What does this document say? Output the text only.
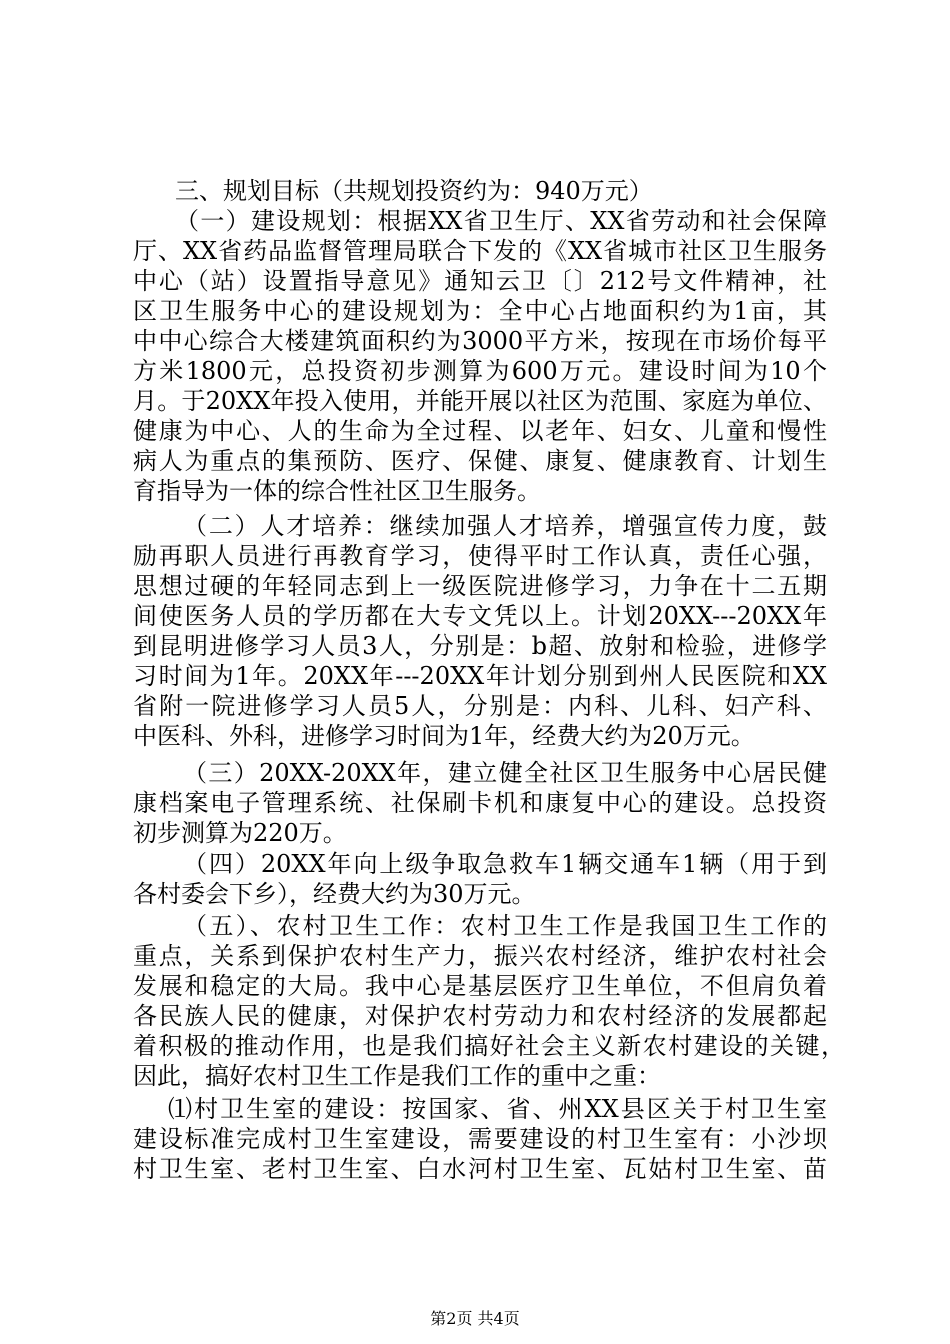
三、规划目标（共规划投资约为：940万元）
（一）建设规划：根据XX省卫生厅、XX省劳动和社会保障
厅、XX省药品监督管理局联合下发的《XX省城市社区卫生服务
中心（站）设置指导意见》通知云卫〔〕212号文件精神，社
区卫生服务中心的建设规划为：全中心占地面积约为1亩，其
中中心综合大楼建筑面积约为3000平方米，按现在市场价每平
方米1800元，总投资初步测算为600万元。建设时间为10个
月。于20XX年投入使用，并能开展以社区为范围、家庭为单位、
健康为中心、人的生命为全过程、以老年、妇女、儿童和慢性
病人为重点的集预防、医疗、保健、康复、健康教育、计划生
育指导为一体的综合性社区卫生服务。
（二）人才培养：继续加强人才培养，增强宣传力度，鼓
励再职人员进行再教育学习，使得平时工作认真，责任心强，
思想过硬的年轻同志到上一级医院进修学习，力争在十二五期
间使医务人员的学历都在大专文凭以上。计划20XX---20XX年
到昆明进修学习人员3人，分别是：b超、放射和检验，进修学
习时间为1年。20XX年---20XX年计划分别到州人民医院和XX
省附一院进修学习人员5人，分别是：内科、儿科、妇产科、
中医科、外科，进修学习时间为1年，经费大约为20万元。
（三）20XX-20XX年，建立健全社区卫生服务中心居民健
康档案电子管理系统、社保刷卡机和康复中心的建设。总投资
初步测算为220万。
（四）20XX年向上级争取急救车1辆交通车1辆（用于到
各村委会下乡），经费大约为30万元。
（五）、农村卫生工作：农村卫生工作是我国卫生工作的
重点，关系到保护农村生产力，振兴农村经济，维护农村社会
发展和稳定的大局。我中心是基层医疗卫生单位，不但肩负着
各民族人民的健康，对保护农村劳动力和农村经济的发展都起
着积极的推动作用，也是我们搞好社会主义新农村建设的关键，
因此，搞好农村卫生工作是我们工作的重中之重：
⑴村卫生室的建设：按国家、省、州XX县区关于村卫生室
建设标准完成村卫生室建设，需要建设的村卫生室有：小沙坝
村卫生室、老村卫生室、白水河村卫生室、瓦姑村卫生室、苗
第2页 共4页
